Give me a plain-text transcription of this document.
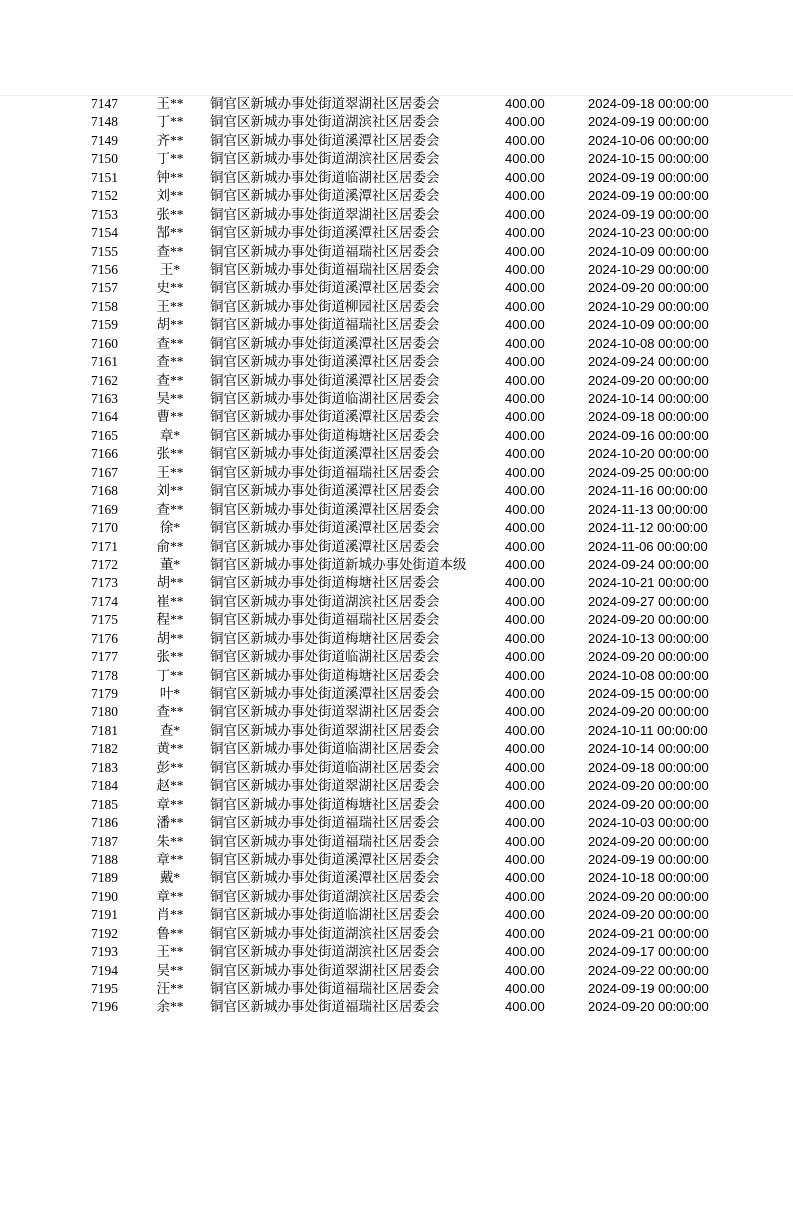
7147	王**	铜官区新城办事处街道翠湖社区居委会	400.00	2024-09-18 00:00:00
7148	丁**	铜官区新城办事处街道湖滨社区居委会	400.00	2024-09-19 00:00:00
7149	齐**	铜官区新城办事处街道溪潭社区居委会	400.00	2024-10-06 00:00:00
7150	丁**	铜官区新城办事处街道湖滨社区居委会	400.00	2024-10-15 00:00:00
7151	钟**	铜官区新城办事处街道临湖社区居委会	400.00	2024-09-19 00:00:00
7152	刘**	铜官区新城办事处街道溪潭社区居委会	400.00	2024-09-19 00:00:00
7153	张**	铜官区新城办事处街道翠湖社区居委会	400.00	2024-09-19 00:00:00
7154	郜**	铜官区新城办事处街道溪潭社区居委会	400.00	2024-10-23 00:00:00
7155	查**	铜官区新城办事处街道福瑞社区居委会	400.00	2024-10-09 00:00:00
7156	王*	铜官区新城办事处街道福瑞社区居委会	400.00	2024-10-29 00:00:00
7157	史**	铜官区新城办事处街道溪潭社区居委会	400.00	2024-09-20 00:00:00
7158	王**	铜官区新城办事处街道柳园社区居委会	400.00	2024-10-29 00:00:00
7159	胡**	铜官区新城办事处街道福瑞社区居委会	400.00	2024-10-09 00:00:00
7160	查**	铜官区新城办事处街道溪潭社区居委会	400.00	2024-10-08 00:00:00
7161	查**	铜官区新城办事处街道溪潭社区居委会	400.00	2024-09-24 00:00:00
7162	查**	铜官区新城办事处街道溪潭社区居委会	400.00	2024-09-20 00:00:00
7163	吴**	铜官区新城办事处街道临湖社区居委会	400.00	2024-10-14 00:00:00
7164	曹**	铜官区新城办事处街道溪潭社区居委会	400.00	2024-09-18 00:00:00
7165	章*	铜官区新城办事处街道梅塘社区居委会	400.00	2024-09-16 00:00:00
7166	张**	铜官区新城办事处街道溪潭社区居委会	400.00	2024-10-20 00:00:00
7167	王**	铜官区新城办事处街道福瑞社区居委会	400.00	2024-09-25 00:00:00
7168	刘**	铜官区新城办事处街道溪潭社区居委会	400.00	2024-11-16 00:00:00
7169	查**	铜官区新城办事处街道溪潭社区居委会	400.00	2024-11-13 00:00:00
7170	徐*	铜官区新城办事处街道溪潭社区居委会	400.00	2024-11-12 00:00:00
7171	俞**	铜官区新城办事处街道溪潭社区居委会	400.00	2024-11-06 00:00:00
7172	董*	铜官区新城办事处街道新城办事处街道本级	400.00	2024-09-24 00:00:00
7173	胡**	铜官区新城办事处街道梅塘社区居委会	400.00	2024-10-21 00:00:00
7174	崔**	铜官区新城办事处街道湖滨社区居委会	400.00	2024-09-27 00:00:00
7175	程**	铜官区新城办事处街道福瑞社区居委会	400.00	2024-09-20 00:00:00
7176	胡**	铜官区新城办事处街道梅塘社区居委会	400.00	2024-10-13 00:00:00
7177	张**	铜官区新城办事处街道临湖社区居委会	400.00	2024-09-20 00:00:00
7178	丁**	铜官区新城办事处街道梅塘社区居委会	400.00	2024-10-08 00:00:00
7179	叶*	铜官区新城办事处街道溪潭社区居委会	400.00	2024-09-15 00:00:00
7180	查**	铜官区新城办事处街道翠湖社区居委会	400.00	2024-09-20 00:00:00
7181	查*	铜官区新城办事处街道翠湖社区居委会	400.00	2024-10-11 00:00:00
7182	黄**	铜官区新城办事处街道临湖社区居委会	400.00	2024-10-14 00:00:00
7183	彭**	铜官区新城办事处街道临湖社区居委会	400.00	2024-09-18 00:00:00
7184	赵**	铜官区新城办事处街道翠湖社区居委会	400.00	2024-09-20 00:00:00
7185	章**	铜官区新城办事处街道梅塘社区居委会	400.00	2024-09-20 00:00:00
7186	潘**	铜官区新城办事处街道福瑞社区居委会	400.00	2024-10-03 00:00:00
7187	朱**	铜官区新城办事处街道福瑞社区居委会	400.00	2024-09-20 00:00:00
7188	章**	铜官区新城办事处街道溪潭社区居委会	400.00	2024-09-19 00:00:00
7189	戴*	铜官区新城办事处街道溪潭社区居委会	400.00	2024-10-18 00:00:00
7190	章**	铜官区新城办事处街道湖滨社区居委会	400.00	2024-09-20 00:00:00
7191	肖**	铜官区新城办事处街道临湖社区居委会	400.00	2024-09-20 00:00:00
7192	鲁**	铜官区新城办事处街道湖滨社区居委会	400.00	2024-09-21 00:00:00
7193	王**	铜官区新城办事处街道湖滨社区居委会	400.00	2024-09-17 00:00:00
7194	吴**	铜官区新城办事处街道翠湖社区居委会	400.00	2024-09-22 00:00:00
7195	汪**	铜官区新城办事处街道福瑞社区居委会	400.00	2024-09-19 00:00:00
7196	余**	铜官区新城办事处街道福瑞社区居委会	400.00	2024-09-20 00:00:00
